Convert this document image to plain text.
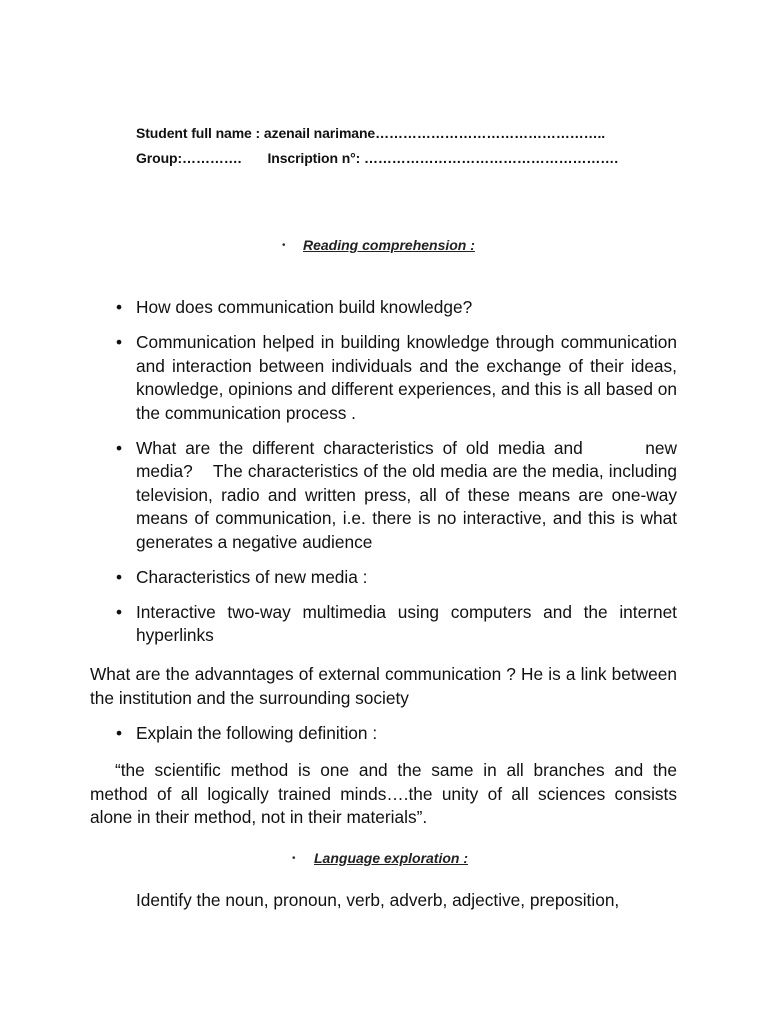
Student full name : azenail narimane…………………………………………..
Group:…………. Inscription n°: ……………………………………………….
• Reading comprehension :
• How does communication build knowledge?
• Communication helped in building knowledge through communication and interaction between individuals and the exchange of their ideas, knowledge, opinions and different experiences, and this is all based on the communication process .
• What are the different characteristics of old media and       new media?    The characteristics of the old media are the media, including television, radio and written press, all of these means are one-way means of communication, i.e. there is no interactive, and this is what generates a negative audience
• Characteristics of new media :
• Interactive two-way multimedia using computers and the internet hyperlinks

What are the advanntages of external communication ? He is a link between the institution and the surrounding society

• Explain the following definition :

“the scientific method is one and the same in all branches and the method of all logically trained minds….the unity of all sciences consists alone in their method, not in their materials”.

• Language exploration :

Identify the noun, pronoun, verb, adverb, adjective, preposition,
